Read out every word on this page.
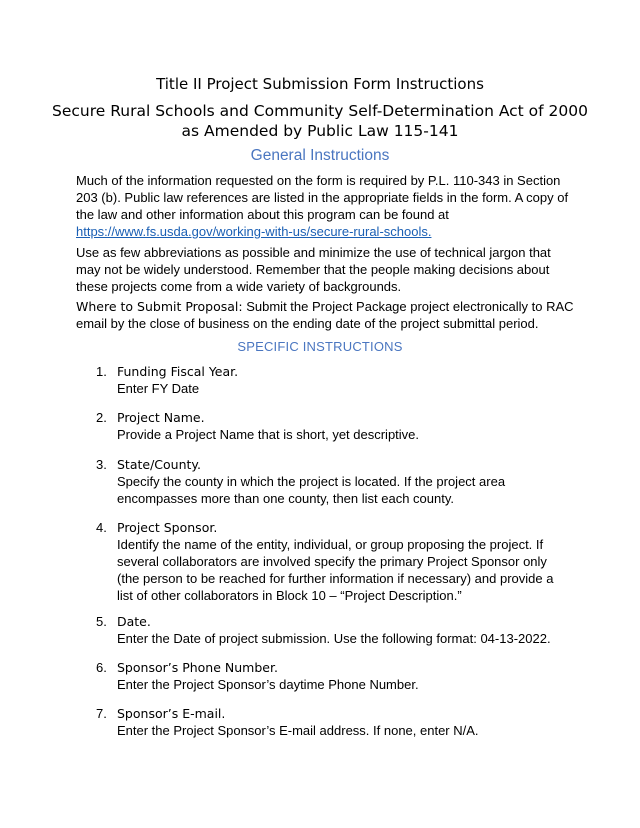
Title II Project Submission Form Instructions
Secure Rural Schools and Community Self-Determination Act of 2000
as Amended by Public Law 115-141
General Instructions
Much of the information requested on the form is required by P.L. 110-343 in Section 203 (b). Public law references are listed in the appropriate fields in the form. A copy of the law and other information about this program can be found at https://www.fs.usda.gov/working-with-us/secure-rural-schools.
Use as few abbreviations as possible and minimize the use of technical jargon that may not be widely understood. Remember that the people making decisions about these projects come from a wide variety of backgrounds.
Where to Submit Proposal: Submit the Project Package project electronically to RAC email by the close of business on the ending date of the project submittal period.
SPECIFIC INSTRUCTIONS
1. Funding Fiscal Year.
Enter FY Date
2. Project Name.
Provide a Project Name that is short, yet descriptive.
3. State/County.
Specify the county in which the project is located. If the project area encompasses more than one county, then list each county.
4. Project Sponsor.
Identify the name of the entity, individual, or group proposing the project. If several collaborators are involved specify the primary Project Sponsor only (the person to be reached for further information if necessary) and provide a list of other collaborators in Block 10 – “Project Description.”
5. Date.
Enter the Date of project submission. Use the following format: 04-13-2022.
6. Sponsor’s Phone Number.
Enter the Project Sponsor’s daytime Phone Number.
7. Sponsor’s E-mail.
Enter the Project Sponsor’s E-mail address. If none, enter N/A.
